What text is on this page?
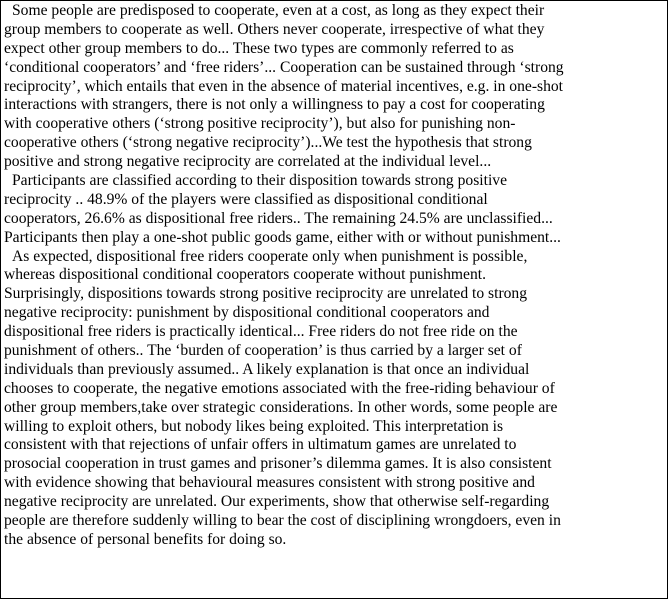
Some people are predisposed to cooperate, even at a cost, as long as they expect their
group members to cooperate as well. Others never cooperate, irrespective of what they
expect other group members to do... These two types are commonly referred to as
‘conditional cooperators’ and ‘free riders’... Cooperation can be sustained through ‘strong
reciprocity’, which entails that even in the absence of material incentives, e.g. in one-shot
interactions with strangers, there is not only a willingness to pay a cost for cooperating
with cooperative others (‘strong positive reciprocity’), but also for punishing non-
cooperative others (‘strong negative reciprocity’)...We test the hypothesis that strong
positive and strong negative reciprocity are correlated at the individual level...
Participants are classified according to their disposition towards strong positive
reciprocity .. 48.9% of the players were classified as dispositional conditional
cooperators, 26.6% as dispositional free riders.. The remaining 24.5% are unclassified...
Participants then play a one-shot public goods game, either with or without punishment...
As expected, dispositional free riders cooperate only when punishment is possible,
whereas dispositional conditional cooperators cooperate without punishment.
Surprisingly, dispositions towards strong positive reciprocity are unrelated to strong
negative reciprocity: punishment by dispositional conditional cooperators and
dispositional free riders is practically identical... Free riders do not free ride on the
punishment of others.. The ‘burden of cooperation’ is thus carried by a larger set of
individuals than previously assumed.. A likely explanation is that once an individual
chooses to cooperate, the negative emotions associated with the free-riding behaviour of
other group members,take over strategic considerations. In other words, some people are
willing to exploit others, but nobody likes being exploited. This interpretation is
consistent with that rejections of unfair offers in ultimatum games are unrelated to
prosocial cooperation in trust games and prisoner’s dilemma games. It is also consistent
with evidence showing that behavioural measures consistent with strong positive and
negative reciprocity are unrelated. Our experiments, show that otherwise self-regarding
people are therefore suddenly willing to bear the cost of disciplining wrongdoers, even in
the absence of personal benefits for doing so.
